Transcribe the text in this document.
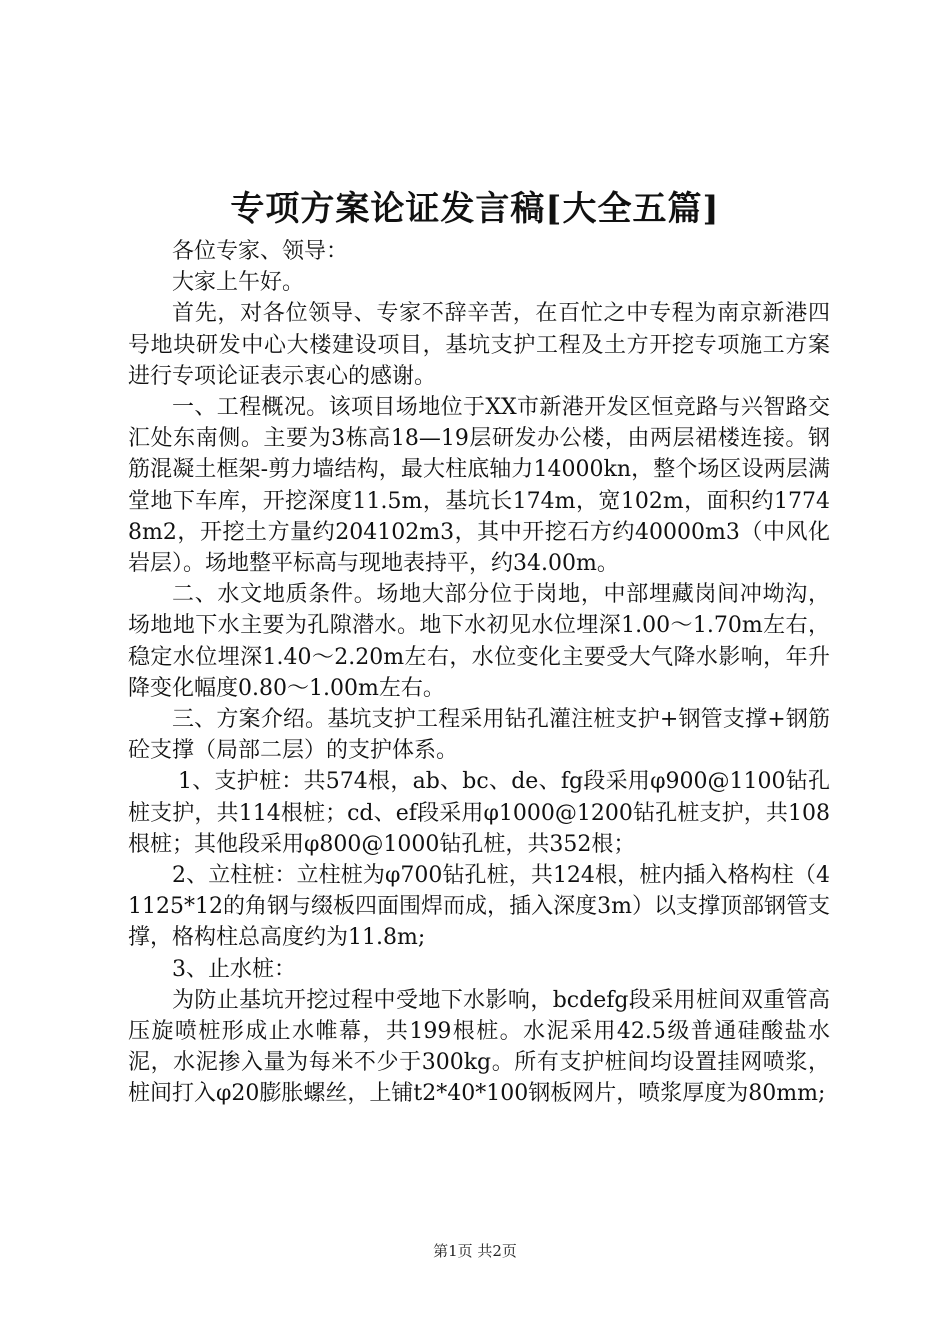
专项方案论证发言稿[大全五篇]

各位专家、领导：

大家上午好。

首先，对各位领导、专家不辞辛苦，在百忙之中专程为南京新港四号地块研发中心大楼建设项目，基坑支护工程及土方开挖专项施工方案进行专项论证表示衷心的感谢。

一、工程概况。该项目场地位于XX市新港开发区恒竞路与兴智路交汇处东南侧。主要为3栋高18—19层研发办公楼，由两层裙楼连接。钢筋混凝土框架-剪力墙结构，最大柱底轴力14000kn，整个场区设两层满堂地下车库，开挖深度11.5m，基坑长174m，宽102m，面积约17748m2，开挖土方量约204102m3，其中开挖石方约40000m3（中风化岩层）。场地整平标高与现地表持平，约34.00m。

二、水文地质条件。场地大部分位于岗地，中部埋藏岗间冲坳沟，场地地下水主要为孔隙潜水。地下水初见水位埋深1.00～1.70m左右，稳定水位埋深1.40～2.20m左右，水位变化主要受大气降水影响，年升降变化幅度0.80～1.00m左右。

三、方案介绍。基坑支护工程采用钻孔灌注桩支护+钢管支撑+钢筋砼支撑（局部二层）的支护体系。

1、支护桩：共574根，ab、bc、de、fg段采用φ900@1100钻孔桩支护，共114根桩；cd、ef段采用φ1000@1200钻孔桩支护，共108根桩；其他段采用φ800@1000钻孔桩，共352根；

2、立柱桩：立柱桩为φ700钻孔桩，共124根，桩内插入格构柱（41125*12的角钢与缀板四面围焊而成，插入深度3m）以支撑顶部钢管支撑，格构柱总高度约为11.8m;

3、止水桩：

为防止基坑开挖过程中受地下水影响，bcdefg段采用桩间双重管高压旋喷桩形成止水帷幕，共199根桩。水泥采用42.5级普通硅酸盐水泥，水泥掺入量为每米不少于300kg。所有支护桩间均设置挂网喷浆，桩间打入φ20膨胀螺丝，上铺t2*40*100钢板网片，喷浆厚度为80mm;

第1页 共2页
